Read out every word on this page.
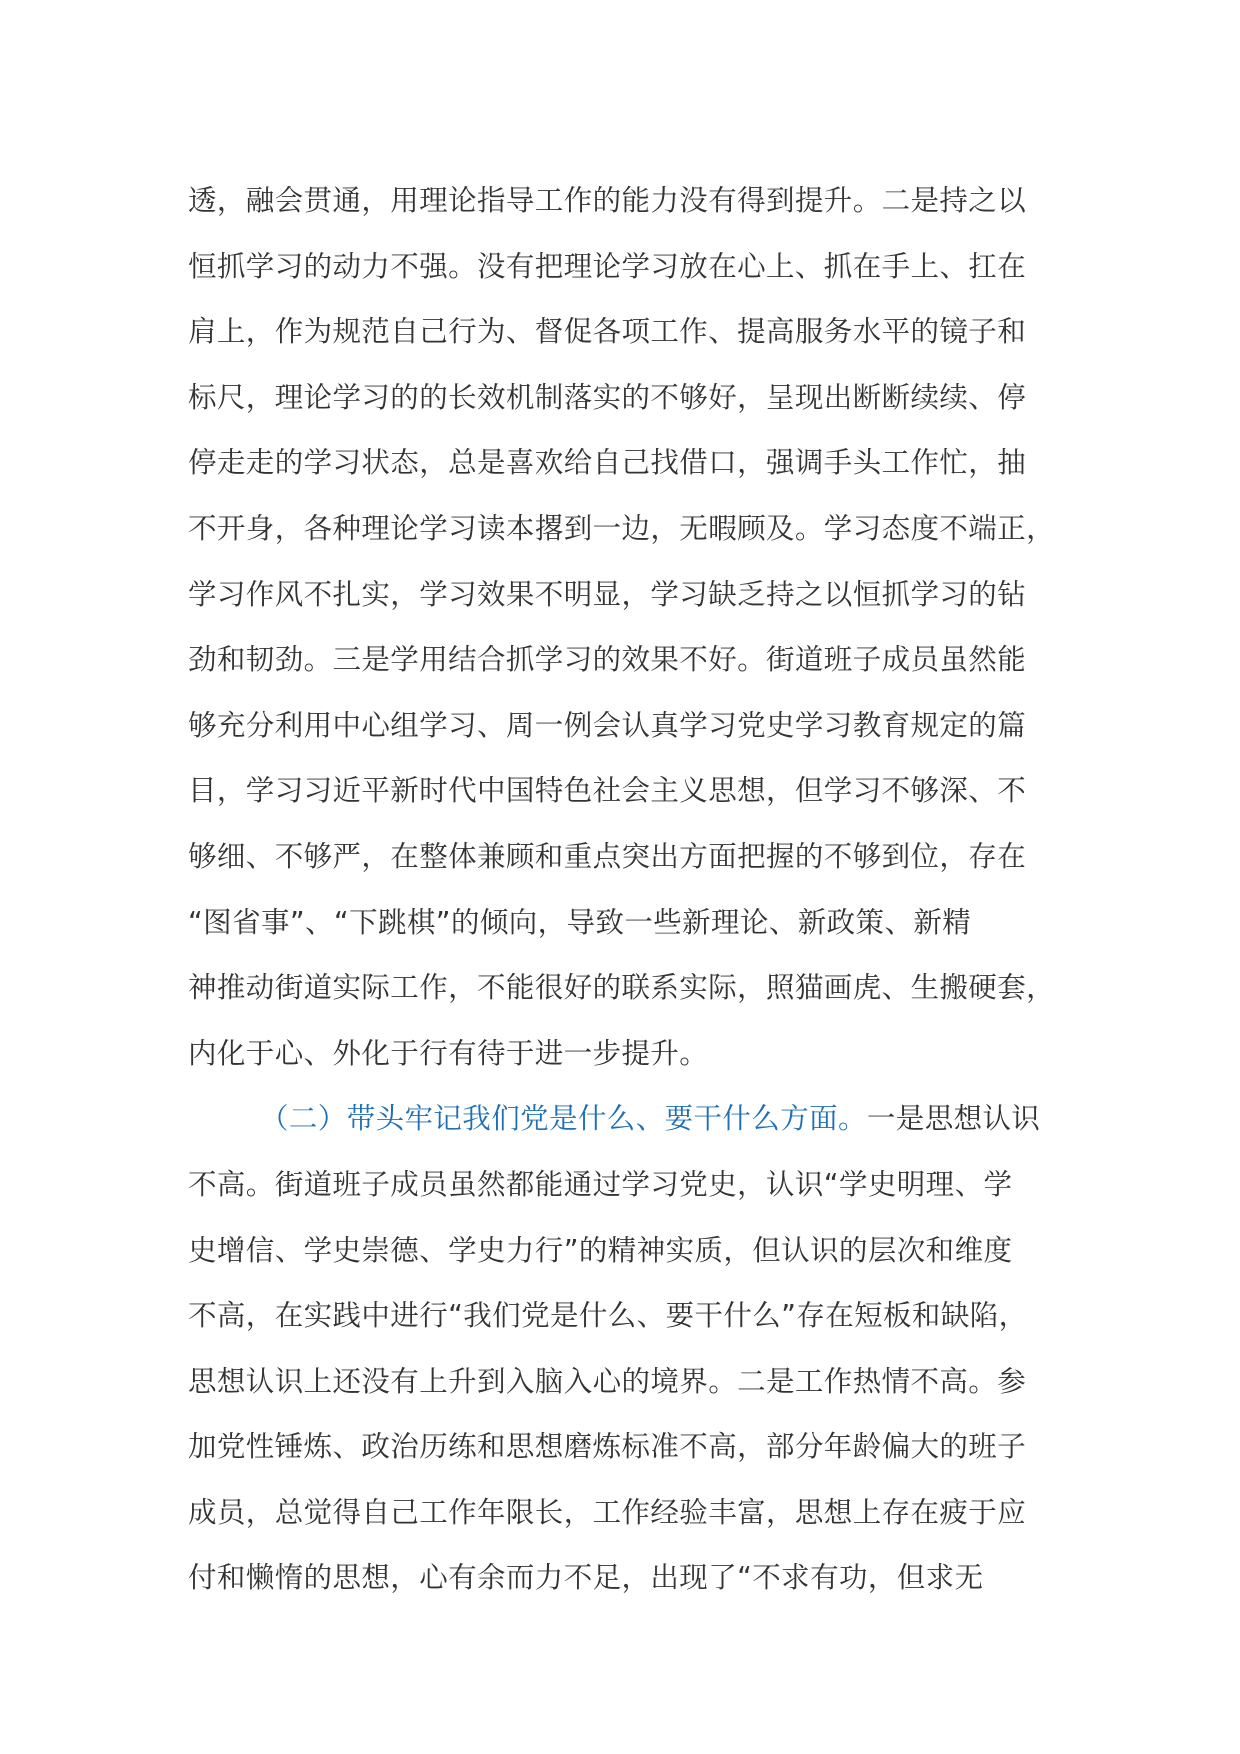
透，融会贯通，用理论指导工作的能力没有得到提升。二是持之以
恒抓学习的动力不强。没有把理论学习放在心上、抓在手上、扛在
肩上，作为规范自己行为、督促各项工作、提高服务水平的镜子和
标尺，理论学习的的长效机制落实的不够好，呈现出断断续续、停
停走走的学习状态，总是喜欢给自己找借口，强调手头工作忙，抽
不开身，各种理论学习读本撂到一边，无暇顾及。学习态度不端正，
学习作风不扎实，学习效果不明显，学习缺乏持之以恒抓学习的钻
劲和韧劲。三是学用结合抓学习的效果不好。街道班子成员虽然能
够充分利用中心组学习、周一例会认真学习党史学习教育规定的篇
目，学习习近平新时代中国特色社会主义思想，但学习不够深、不
够细、不够严，在整体兼顾和重点突出方面把握的不够到位，存在
“图省事”、“下跳棋”的倾向，导致一些新理论、新政策、新精
神推动街道实际工作，不能很好的联系实际，照猫画虎、生搬硬套，
内化于心、外化于行有待于进一步提升。
（二）带头牢记我们党是什么、要干什么方面。一是思想认识
不高。街道班子成员虽然都能通过学习党史，认识“学史明理、学
史增信、学史崇德、学史力行”的精神实质，但认识的层次和维度
不高，在实践中进行“我们党是什么、要干什么”存在短板和缺陷，
思想认识上还没有上升到入脑入心的境界。二是工作热情不高。参
加党性锤炼、政治历练和思想磨炼标准不高，部分年龄偏大的班子
成员，总觉得自己工作年限长，工作经验丰富，思想上存在疲于应
付和懒惰的思想，心有余而力不足，出现了“不求有功，但求无
